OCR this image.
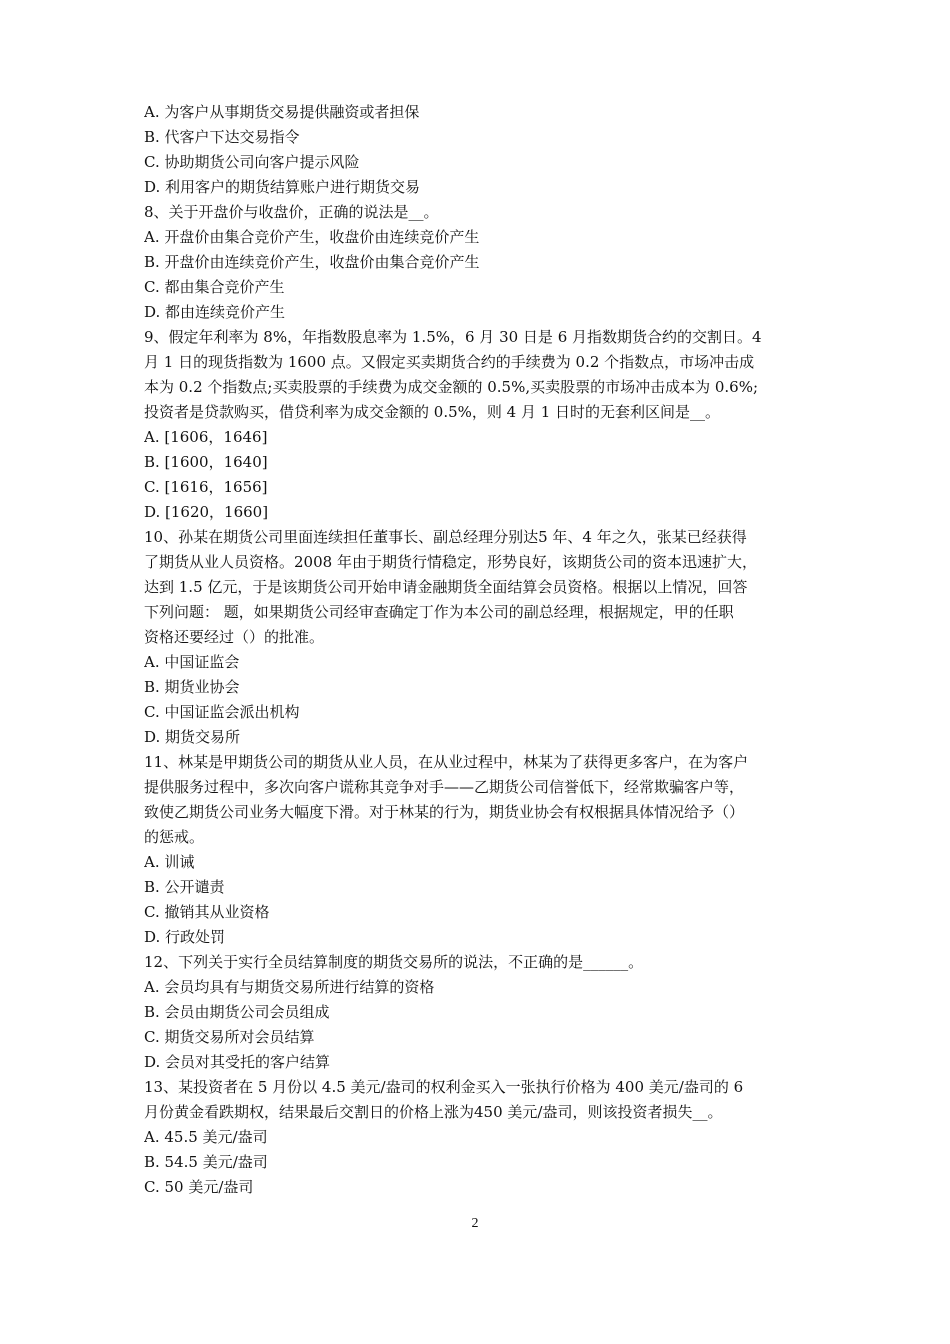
A. 为客户从事期货交易提供融资或者担保
B. 代客户下达交易指令
C. 协助期货公司向客户提示风险
D. 利用客户的期货结算账户进行期货交易
8、关于开盘价与收盘价，正确的说法是__。
A. 开盘价由集合竞价产生，收盘价由连续竞价产生
B. 开盘价由连续竞价产生，收盘价由集合竞价产生
C. 都由集合竞价产生
D. 都由连续竞价产生
9、假定年利率为 8%，年指数股息率为 1.5%，6 月 30 日是 6 月指数期货合约的交割日。4
月 1 日的现货指数为 1600 点。又假定买卖期货合约的手续费为 0.2 个指数点，市场冲击成
本为 0.2 个指数点;买卖股票的手续费为成交金额的 0.5%,买卖股票的市场冲击成本为 0.6%;
投资者是贷款购买，借贷利率为成交金额的 0.5%，则 4 月 1 日时的无套利区间是__。
A. [1606，1646]
B. [1600，1640]
C. [1616，1656]
D. [1620，1660]
10、孙某在期货公司里面连续担任董事长、副总经理分别达5 年、4 年之久，张某已经获得
了期货从业人员资格。2008 年由于期货行情稳定，形势良好，该期货公司的资本迅速扩大，
达到 1.5 亿元，于是该期货公司开始申请金融期货全面结算会员资格。根据以上情况，回答
下列问题： 题，如果期货公司经审查确定丁作为本公司的副总经理，根据规定，甲的任职
资格还要经过（）的批准。
A. 中国证监会
B. 期货业协会
C. 中国证监会派出机构
D. 期货交易所
11、林某是甲期货公司的期货从业人员，在从业过程中，林某为了获得更多客户，在为客户
提供服务过程中，多次向客户谎称其竞争对手——乙期货公司信誉低下，经常欺骗客户等，
致使乙期货公司业务大幅度下滑。对于林某的行为，期货业协会有权根据具体情况给予（）
的惩戒。
A. 训诫
B. 公开谴责
C. 撤销其从业资格
D. 行政处罚
12、下列关于实行全员结算制度的期货交易所的说法，不正确的是______。
A. 会员均具有与期货交易所进行结算的资格
B. 会员由期货公司会员组成
C. 期货交易所对会员结算
D. 会员对其受托的客户结算
13、某投资者在 5 月份以 4.5 美元/盎司的权利金买入一张执行价格为 400 美元/盎司的 6
月份黄金看跌期权，结果最后交割日的价格上涨为450 美元/盎司，则该投资者损失__。
A. 45.5 美元/盎司
B. 54.5 美元/盎司
C. 50 美元/盎司
2
